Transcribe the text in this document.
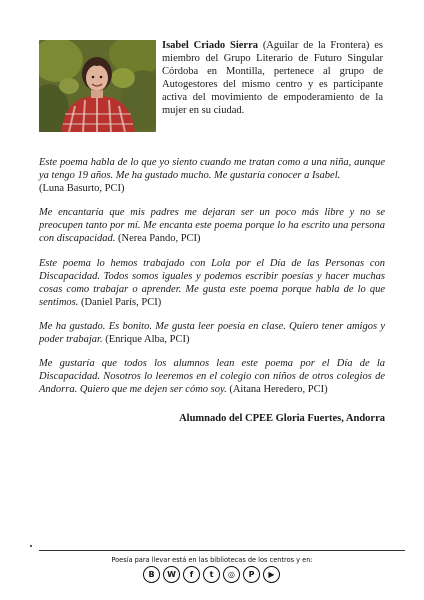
Isabel Criado Sierra (Aguilar de la Frontera) es miembro del Grupo Literario de Futuro Singular Córdoba en Montilla, pertenece al grupo de Autogestores del mismo centro y es participante activa del movimiento de empoderamiento de la mujer en su ciudad.

Este poema habla de lo que yo siento cuando me tratan como a una niña, aunque ya tengo 19 años. Me ha gustado mucho. Me gustaría conocer a Isabel.
(Luna Basurto, PCI)

Me encantaría que mis padres me dejaran ser un poco más libre y no se preocupen tanto por mí. Me encanta este poema porque lo ha escrito una persona con discapacidad. (Nerea Pando, PCI)

Este poema lo hemos trabajado con Lola por el Día de las Personas con Discapacidad. Todos somos iguales y podemos escribir poesías y hacer muchas cosas como trabajar o aprender. Me gusta este poema porque habla de lo que sentimos. (Daniel París, PCI)

Me ha gustado. Es bonito. Me gusta leer poesía en clase. Quiero tener amigos y poder trabajar. (Enrique Alba, PCI)

Me gustaría que todos los alumnos lean este poema por el Día de la Discapacidad. Nosotros lo leeremos en el colegio con niños de otros colegios de Andorra. Quiero que me dejen ser cómo soy. (Aitana Heredero, PCI)

Alumnado del CPEE Gloria Fuertes, Andorra
Poesía para llevar está en las bibliotecas de los centros y en:
B	W	f	t	◎	P	▶
